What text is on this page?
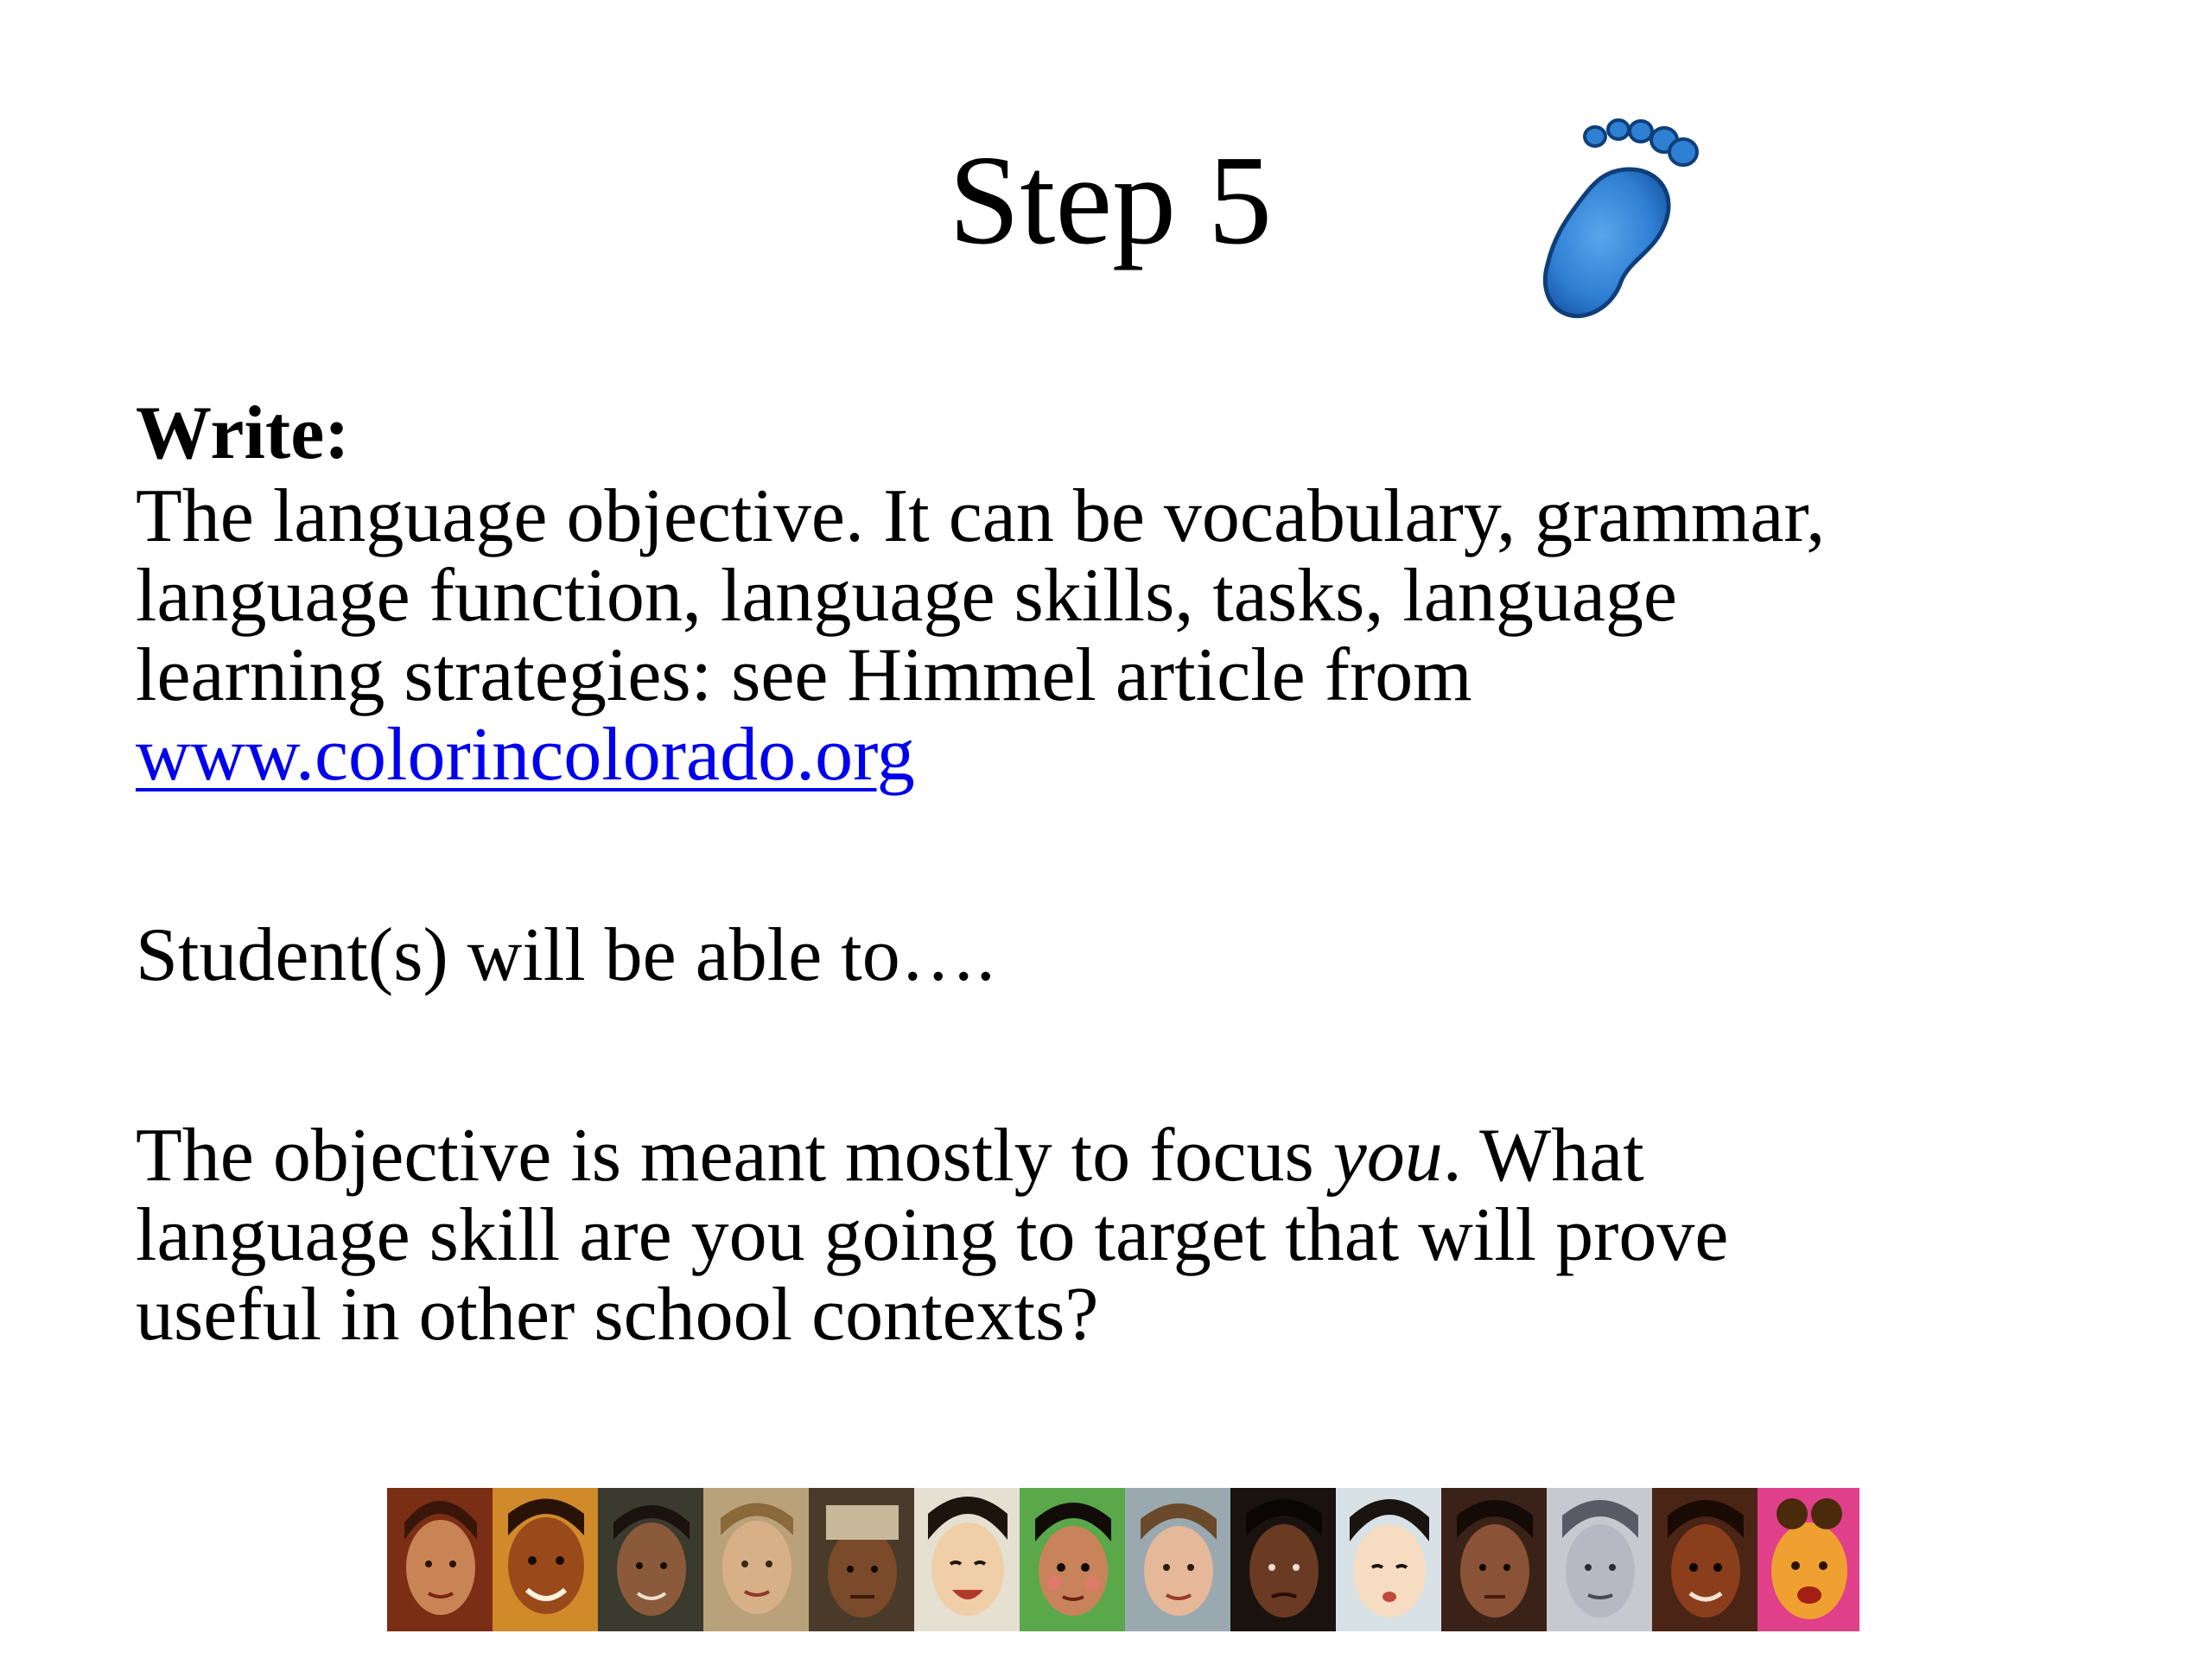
Step 5
Write:
The language objective. It can be vocabulary, grammar,
language function, language skills, tasks, language
learning strategies: see Himmel article from
www.colorincolorado.org
Student(s) will be able to….
The objective is meant mostly to focus you. What
language skill are you going to target that will prove
useful in other school contexts?
